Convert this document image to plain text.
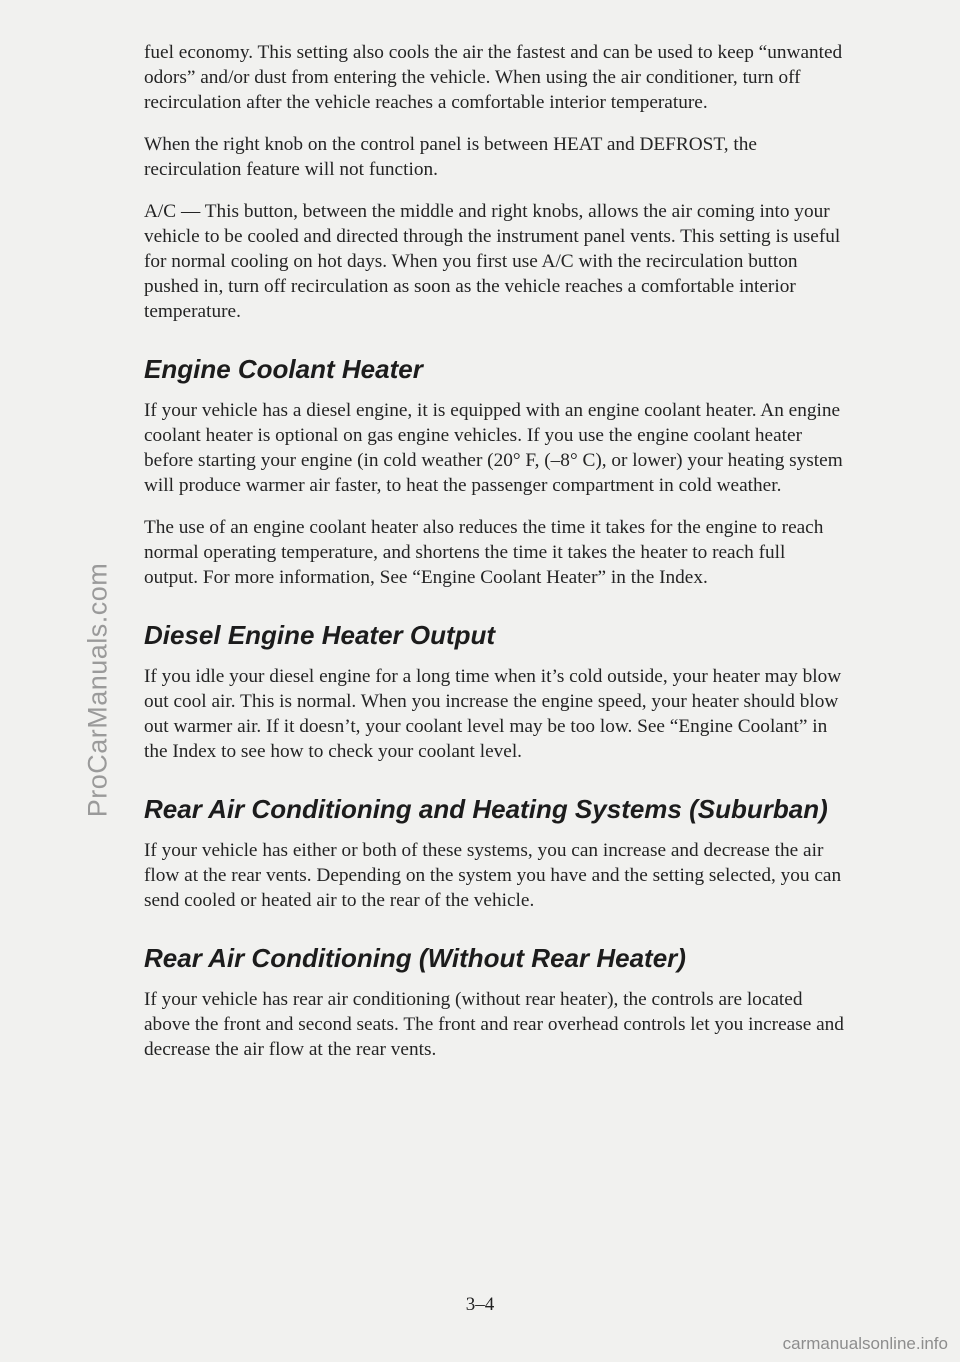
ProCarManuals.com

fuel economy. This setting also cools the air the fastest and can be used to keep “unwanted odors” and/or dust from entering the vehicle. When using the air conditioner, turn off recirculation after the vehicle reaches a comfortable interior temperature.

When the right knob on the control panel is between HEAT and DEFROST, the recirculation feature will not function.

A/C — This button, between the middle and right knobs, allows the air coming into your vehicle to be cooled and directed through the instrument panel vents. This setting is useful for normal cooling on hot days. When you first use A/C with the recirculation button pushed in, turn off recirculation as soon as the vehicle reaches a comfortable interior temperature.

Engine Coolant Heater

If your vehicle has a diesel engine, it is equipped with an engine coolant heater. An engine coolant heater is optional on gas engine vehicles. If you use the engine coolant heater before starting your engine (in cold weather (20° F, (–8° C), or lower) your heating system will produce warmer air faster, to heat the passenger compartment in cold weather.

The use of an engine coolant heater also reduces the time it takes for the engine to reach normal operating temperature, and shortens the time it takes the heater to reach full output. For more information, See “Engine Coolant Heater” in the Index.

Diesel Engine Heater Output

If you idle your diesel engine for a long time when it’s cold outside, your heater may blow out cool air. This is normal. When you increase the engine speed, your heater should blow out warmer air. If it doesn’t, your coolant level may be too low. See “Engine Coolant” in the Index to see how to check your coolant level.

Rear Air Conditioning and Heating Systems (Suburban)

If your vehicle has either or both of these systems, you can increase and decrease the air flow at the rear vents. Depending on the system you have and the setting selected, you can send cooled or heated air to the rear of the vehicle.

Rear Air Conditioning (Without Rear Heater)

If your vehicle has rear air conditioning (without rear heater), the controls are located above the front and second seats. The front and rear overhead controls let you increase and decrease the air flow at the rear vents.

3–4
carmanualsonline.info
